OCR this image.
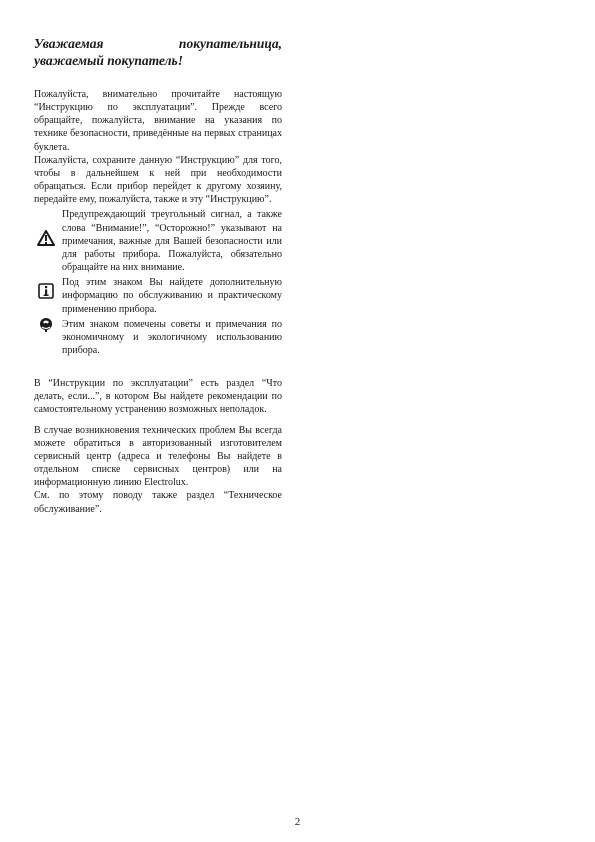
Уважаемая покупательница,
уважаемый покупатель!

Пожалуйста, внимательно прочитайте настоящую “Инструкцию по эксплуатации”. Прежде всего обращайте, пожалуйста, внимание на указания по технике безопасности, приведённые на первых страницах буклета.

Пожалуйста, сохраните данную “Инструкцию” для того, чтобы в дальнейшем к ней при необходимости обращаться. Если прибор перейдет к другому хозяину, передайте ему, пожалуйста, также и эту “Инструкцию”.

Предупреждающий треугольный сигнал, а также слова “Внимание!”, “Осторожно!” указывают на примечания, важные для Вашей безопасности или для работы прибора. Пожалуйста, обязательно обращайте на них внимание.

Под этим знаком Вы найдете дополнительную информацию по обслуживанию и практическому применению прибора.

Этим знаком помечены советы и примечания по экономичному и экологичному использованию прибора.

В “Инструкции по эксплуатации” есть раздел “Что делать, если...”, в котором Вы найдете рекомендации по самостоятельному устранению возможных неполадок.

В случае возникновения технических проблем Вы всегда можете обратиться в авторизованный изготовителем сервисный центр (адреса и телефоны Вы найдете в отдельном списке сервисных центров) или на информационную линию Electrolux.

См. по этому поводу также раздел “Техническое обслуживание”.

2
